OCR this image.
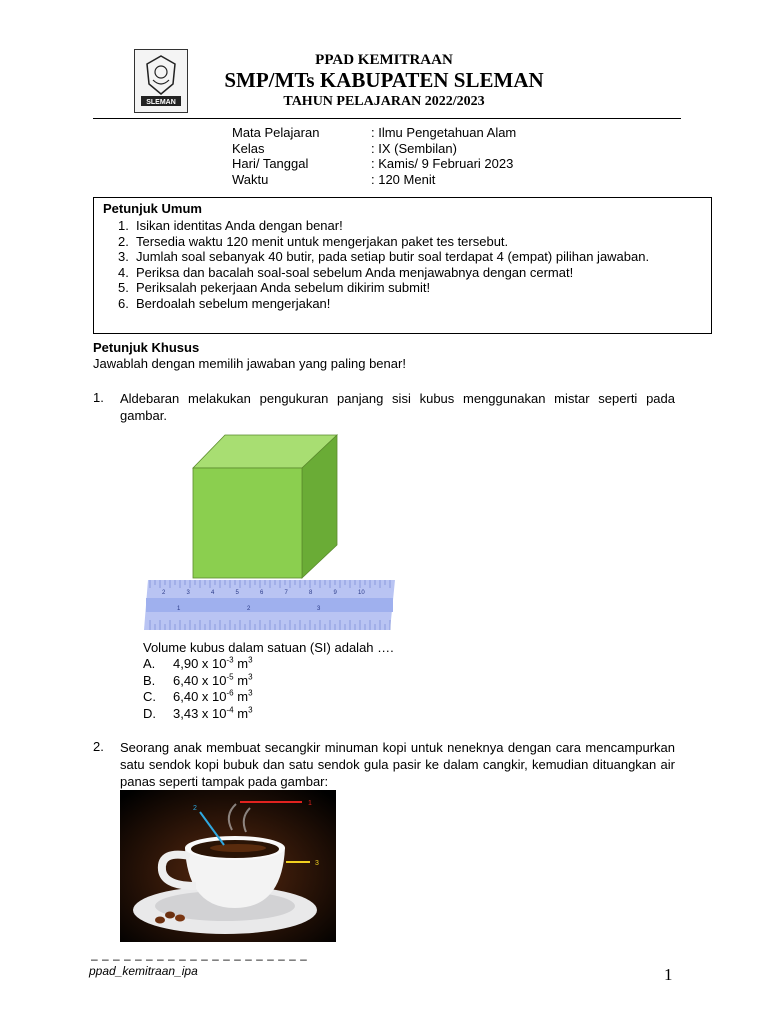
SLEMAN
PPAD KEMITRAAN
SMP/MTs KABUPATEN SLEMAN
TAHUN PELAJARAN 2022/2023
Mata Pelajaran	: Ilmu Pengetahuan Alam
Kelas	: IX (Sembilan)
Hari/ Tanggal	: Kamis/ 9 Februari 2023
Waktu	: 120 Menit
Petunjuk Umum
1. Isikan identitas Anda dengan benar!
2. Tersedia waktu 120 menit untuk mengerjakan paket tes tersebut.
3. Jumlah soal sebanyak 40 butir, pada setiap butir soal terdapat 4 (empat) pilihan jawaban.
4. Periksa dan bacalah soal-soal sebelum Anda menjawabnya dengan cermat!
5. Periksalah pekerjaan Anda sebelum dikirim submit!
6. Berdoalah sebelum mengerjakan!
Petunjuk Khusus
Jawablah dengan memilih jawaban yang paling benar!
1. Aldebaran melakukan pengukuran panjang sisi kubus menggunakan mistar seperti pada gambar.
2	3	4	5	6	7	8	9	10
1	2	3
Volume kubus dalam satuan (SI) adalah ….
A. 4,90 x $10^{-3}$ $m^3$
B. 6,40 x $10^{-5}$ $m^3$
C. 6,40 x $10^{-6}$ $m^3$
D. 3,43 x $10^{-4}$ $m^3$
2. Seorang anak membuat secangkir minuman kopi untuk neneknya dengan cara mencampurkan satu sendok kopi bubuk dan satu sendok gula pasir ke dalam cangkir, kemudian dituangkan air panas seperti tampak pada gambar:
1
2
3
– – – – – – – – – – – – – – – – – – – –
ppad_kemitraan_ipa	1
